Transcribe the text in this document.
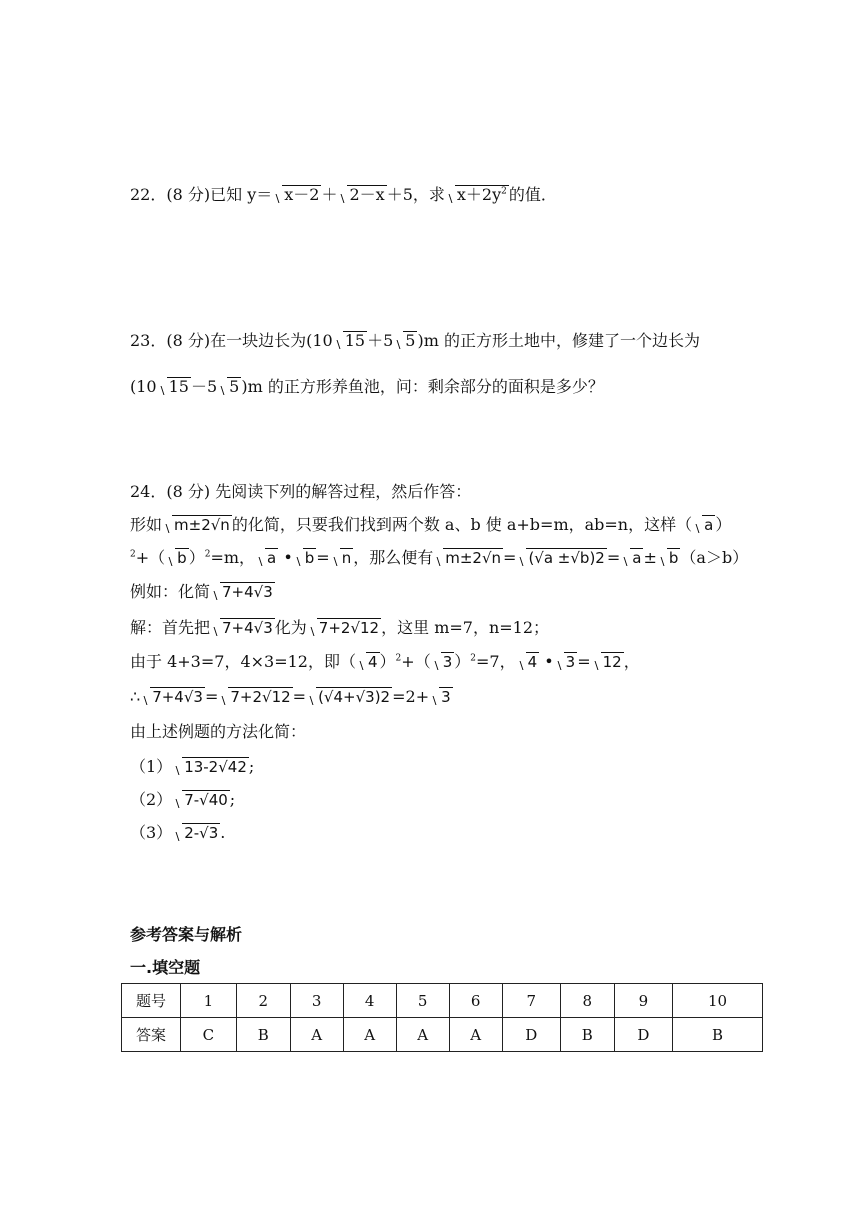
22．(8 分)已知 y＝ x－2 ＋ 2－x ＋5，求 $x+2y^2$ 的值．
23．(8 分)在一块边长为(10 15 ＋5 5 )m 的正方形土地中，修建了一个边长为
(10 15 －5 5 )m 的正方形养鱼池，问：剩余部分的面积是多少？
24．(8 分) 先阅读下列的解答过程，然后作答：
形如 m±2√n 的化简，只要我们找到两个数 a、b 使 a+b=m，ab=n，这样（ a ）
$^2$+（ b ）$^2$=m， a • b = n ，那么便有 m±2√n = (√a ±√b)2 = a ± b （a＞b）
例如：化简 7+4√3
解：首先把 7+4√3 化为 7+2√12 ，这里 m=7，n=12；
由于 4+3=7，4×3=12，即（ 4 ）$^2$+（ 3 ）$^2$=7， 4 • 3 = 12 ，
∴ 7+4√3 = 7+2√12 = (√4+√3)2 =2+ 3
由上述例题的方法化简：
（1） 13-2√42 ;
（2） 7-√40 ;
（3） 2-√3 .
参考答案与解析
一.填空题
题号	1	2	3	4	5	6	7	8	9	10
答案	C	B	A	A	A	A	D	B	D	B
